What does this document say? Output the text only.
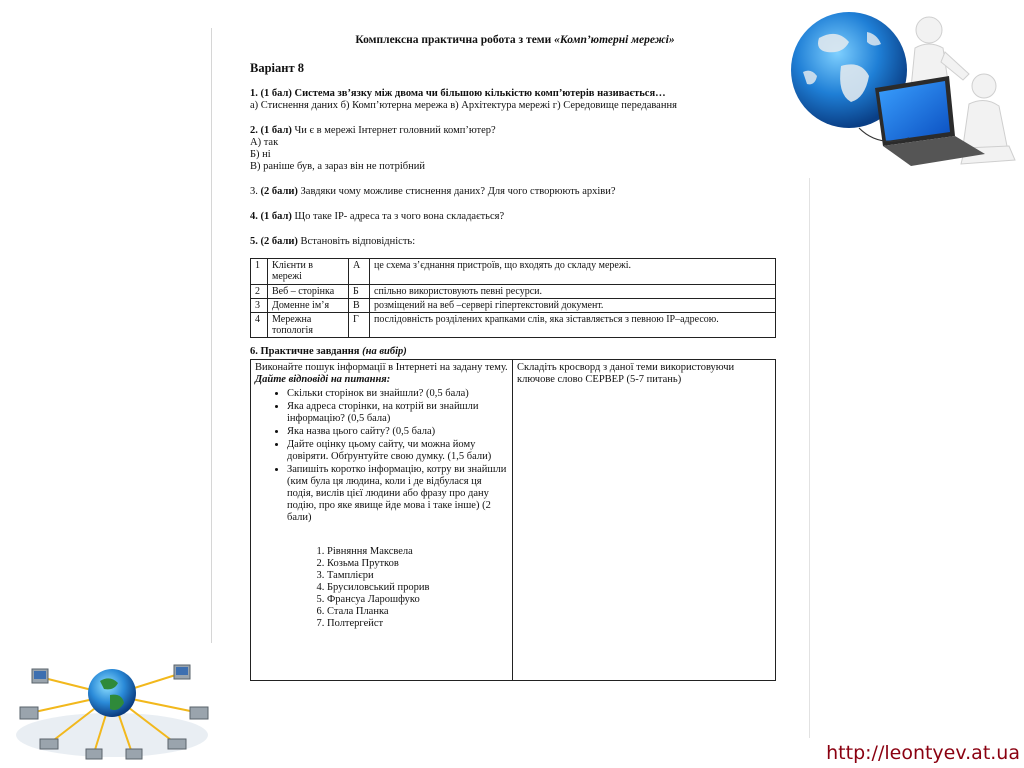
Комплексна практична робота з теми «Комп’ютерні мережі»
Варіант 8

1. (1 бал) Система зв’язку між двома чи більшою кількістю комп’ютерів називається…

а) Стиснення даних б) Комп’ютерна мережа в) Архітектура мережі г) Середовище передавання

2. (1 бал) Чи є в мережі Інтернет головний комп’ютер?

А) так

Б) ні

В) раніше був, а зараз він не потрібний

3. (2 бали) Завдяки чому можливе стиснення даних? Для чого створюють архіви?

4. (1 бал) Що таке IP- адреса та з чого вона складається?

5. (2 бали) Встановіть відповідність:

1	Клієнти в мережі	А	це схема з’єднання пристроїв, що входять до складу мережі.
2	Веб – сторінка	Б	спільно використовують певні ресурси.
3	Доменне ім’я	В	розміщений на веб –сервері гіпертекстовий документ.
4	Мережна топологія	Г	послідовність розділених крапками слів, яка зіставляється з певною IP–адресою.
6. Практичне завдання (на вибір)
Виконайте пошук інформації в Інтернеті на задану тему.
Дайте відповіді на питання:
• Скільки сторінок ви знайшли? (0,5 бала)
• Яка адреса сторінки, на котрій ви знайшли інформацію? (0,5 бала)
• Яка назва цього сайту? (0,5 бала)
• Дайте оцінку цьому сайту, чи можна йому довіряти. Обґрунтуйте свою думку. (1,5 бали)
• Запишіть коротко інформацію, котру ви знайшли (ким була ця людина, коли і де відбулася ця подія, вислів цієї людини або фразу про дану подію, про яке явище йде мова і таке інше) (2 бали)
1. Рівняння Максвела
2. Козьма Прутков
3. Тамплієри
4. Брусиловський прорив
5. Франсуа Ларошфуко
6. Стала Планка
7. Полтергейст

Складіть кросворд з даної теми використовуючи ключове слово СЕРВЕР (5-7 питань)
http://leontyev.at.ua
